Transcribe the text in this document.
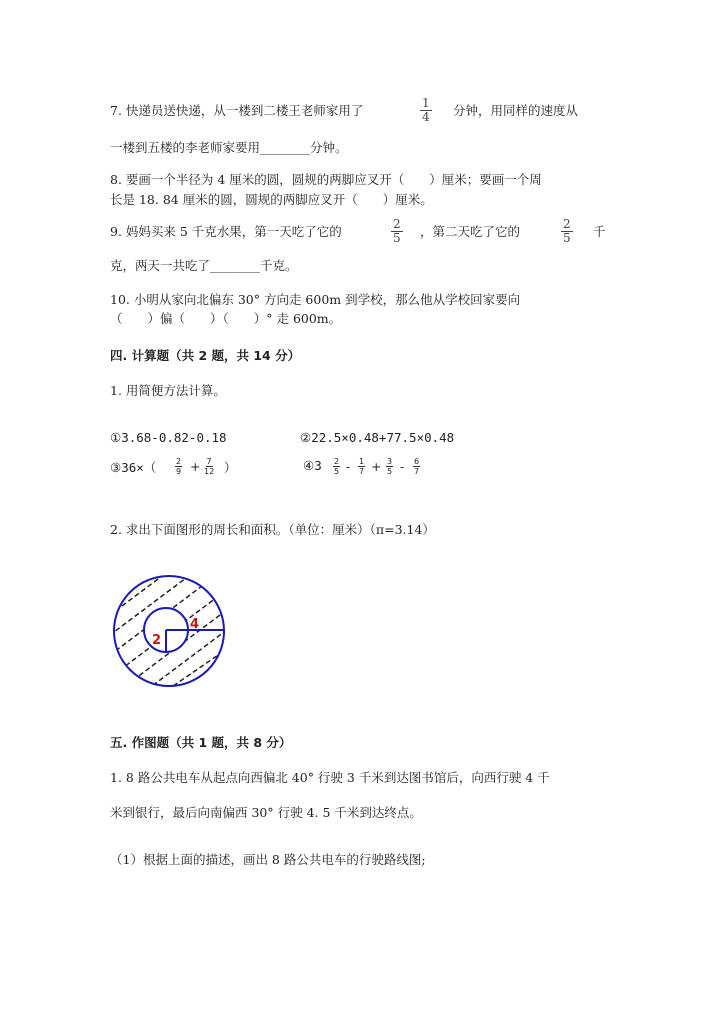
7. 快递员送快递，从一楼到二楼王老师家用了	1
4 分钟，用同样的速度从
一楼到五楼的李老师家要用________分钟。
8. 要画一个半径为 4 厘米的圆，圆规的两脚应叉开（　　）厘米；要画一个周
长是 18. 84 厘米的圆，圆规的两脚应叉开（　　）厘米。
9. 妈妈买来 5 千克水果，第一天吃了它的	2
5 ，第二天吃了它的	2
5 千
克，两天一共吃了________千克。
10. 小明从家向北偏东 30° 方向走 600m 到学校，那么他从学校回家要向
（　　）偏（　　）（　　）° 走 600m。
四. 计算题（共 2 题，共 14 分）
1. 用简便方法计算。
①3.68-0.82-0.18	②22.5×0.48+77.5×0.48
③36×（ 2
9 + 7
12 ）	④3 2
5 - 1
7 + 3
5 - 6
7
2. 求出下面图形的周长和面积。（单位：厘米）（π=3.14）
4
2
五. 作图题（共 1 题，共 8 分）
1. 8 路公共电车从起点向西偏北 40° 行驶 3 千米到达图书馆后，向西行驶 4 千
米到银行，最后向南偏西 30° 行驶 4. 5 千米到达终点。
（1）根据上面的描述，画出 8 路公共电车的行驶路线图;
